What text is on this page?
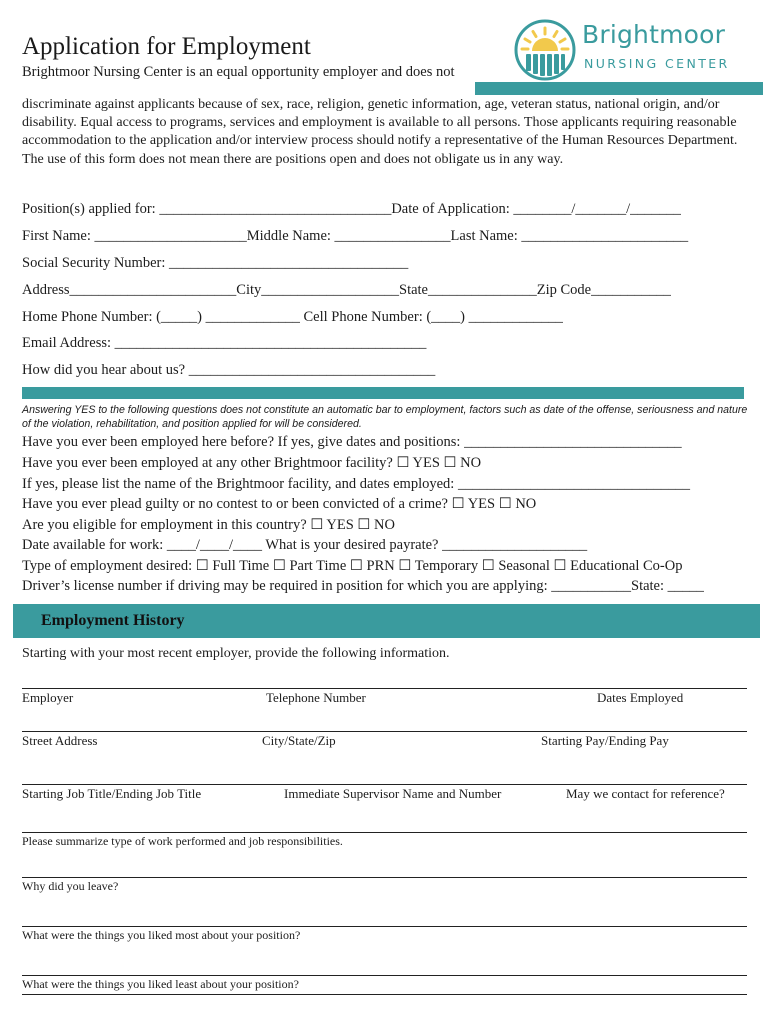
Application for Employment
Brightmoor Nursing Center is an equal opportunity employer and does not
Brightmoor
NURSING CENTER
discriminate against applicants because of sex, race, religion, genetic information, age, veteran status, national origin, and/or disability. Equal access to programs, services and employment is available to all persons. Those applicants requiring reasonable accommodation to the application and/or interview process should notify a representative of the Human Resources Department. The use of this form does not mean there are positions open and does not obligate us in any way.
Position(s) applied for: ________________________________Date of Application: ________/_______/_______
First Name: _____________________Middle Name: ________________Last Name: _______________________
Social Security Number: _________________________________
Address_______________________City___________________State_______________Zip Code___________
Home Phone Number: (_____) _____________ Cell Phone Number: (____) _____________
Email Address: ___________________________________________
How did you hear about us? __________________________________
Answering YES to the following questions does not constitute an automatic bar to employment, factors such as date of the offense, seriousness and nature of the violation, rehabilitation, and position applied for will be considered.
Have you ever been employed here before? If yes, give dates and positions: ______________________________
Have you ever been employed at any other Brightmoor facility? ☐ YES ☐ NO
If yes, please list the name of the Brightmoor facility, and dates employed: ________________________________
Have you ever plead guilty or no contest to or been convicted of a crime? ☐ YES ☐ NO
Are you eligible for employment in this country? ☐ YES ☐ NO
Date available for work: ____/____/____ What is your desired payrate? ____________________
Type of employment desired: ☐ Full Time ☐ Part Time ☐ PRN ☐ Temporary ☐ Seasonal ☐ Educational Co-Op
Driver’s license number if driving may be required in position for which you are applying: ___________State: _____
Employment History
Starting with your most recent employer, provide the following information.
Employer	Telephone Number	Dates Employed
Street Address	City/State/Zip	Starting Pay/Ending Pay
Starting Job Title/Ending Job Title	Immediate Supervisor Name and Number	May we contact for reference?
Please summarize type of work performed and job responsibilities.
Why did you leave?
What were the things you liked most about your position?
What were the things you liked least about your position?
